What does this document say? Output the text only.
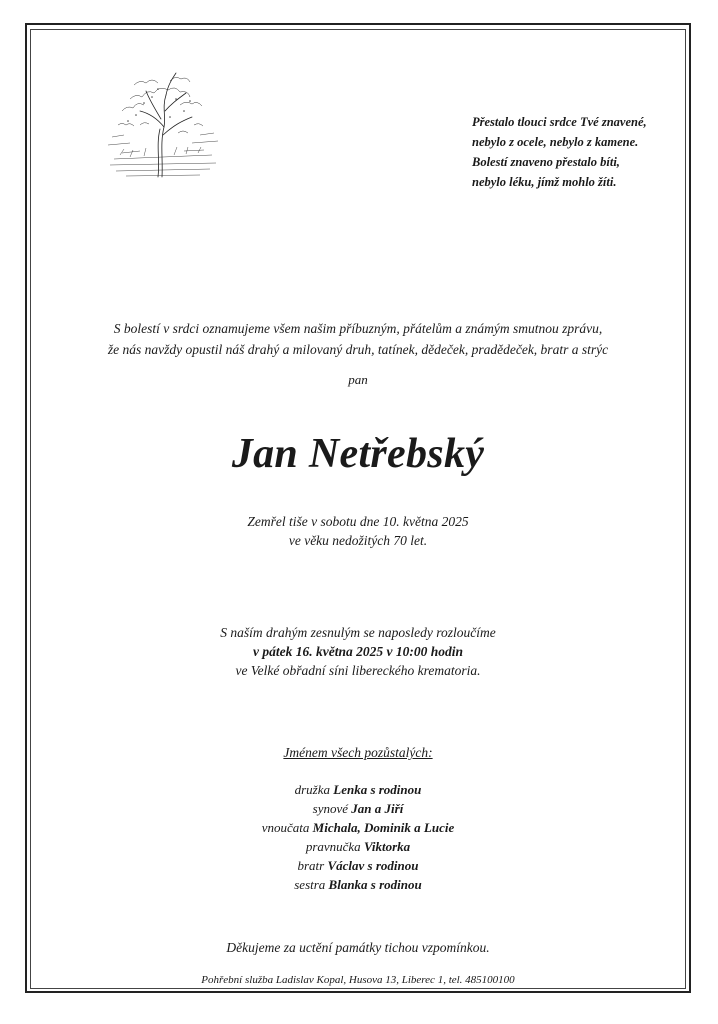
Přestalo tlouci srdce Tvé znavené,
nebylo z ocele, nebylo z kamene.
Bolestí znaveno přestalo bíti,
nebylo léku, jímž mohlo žíti.
S bolestí v srdci oznamujeme všem našim příbuzným, přátelům a známým smutnou zprávu,
že nás navždy opustil náš drahý a milovaný druh, tatínek, dědeček, pradědeček, bratr a strýc
pan
Jan Netřebský
Zemřel tiše v sobotu dne 10. května 2025
ve věku nedožitých 70 let.
S naším drahým zesnulým se naposledy rozloučíme
v pátek 16. května 2025 v 10:00 hodin
ve Velké obřadní síni libereckého krematoria.
Jménem všech pozůstalých:
družka Lenka s rodinou
synové Jan a Jiří
vnoučata Michala, Dominik a Lucie
pravnučka Viktorka
bratr Václav s rodinou
sestra Blanka s rodinou
Děkujeme za uctění památky tichou vzpomínkou.
Pohřební služba Ladislav Kopal, Husova 13, Liberec 1, tel. 485100100
